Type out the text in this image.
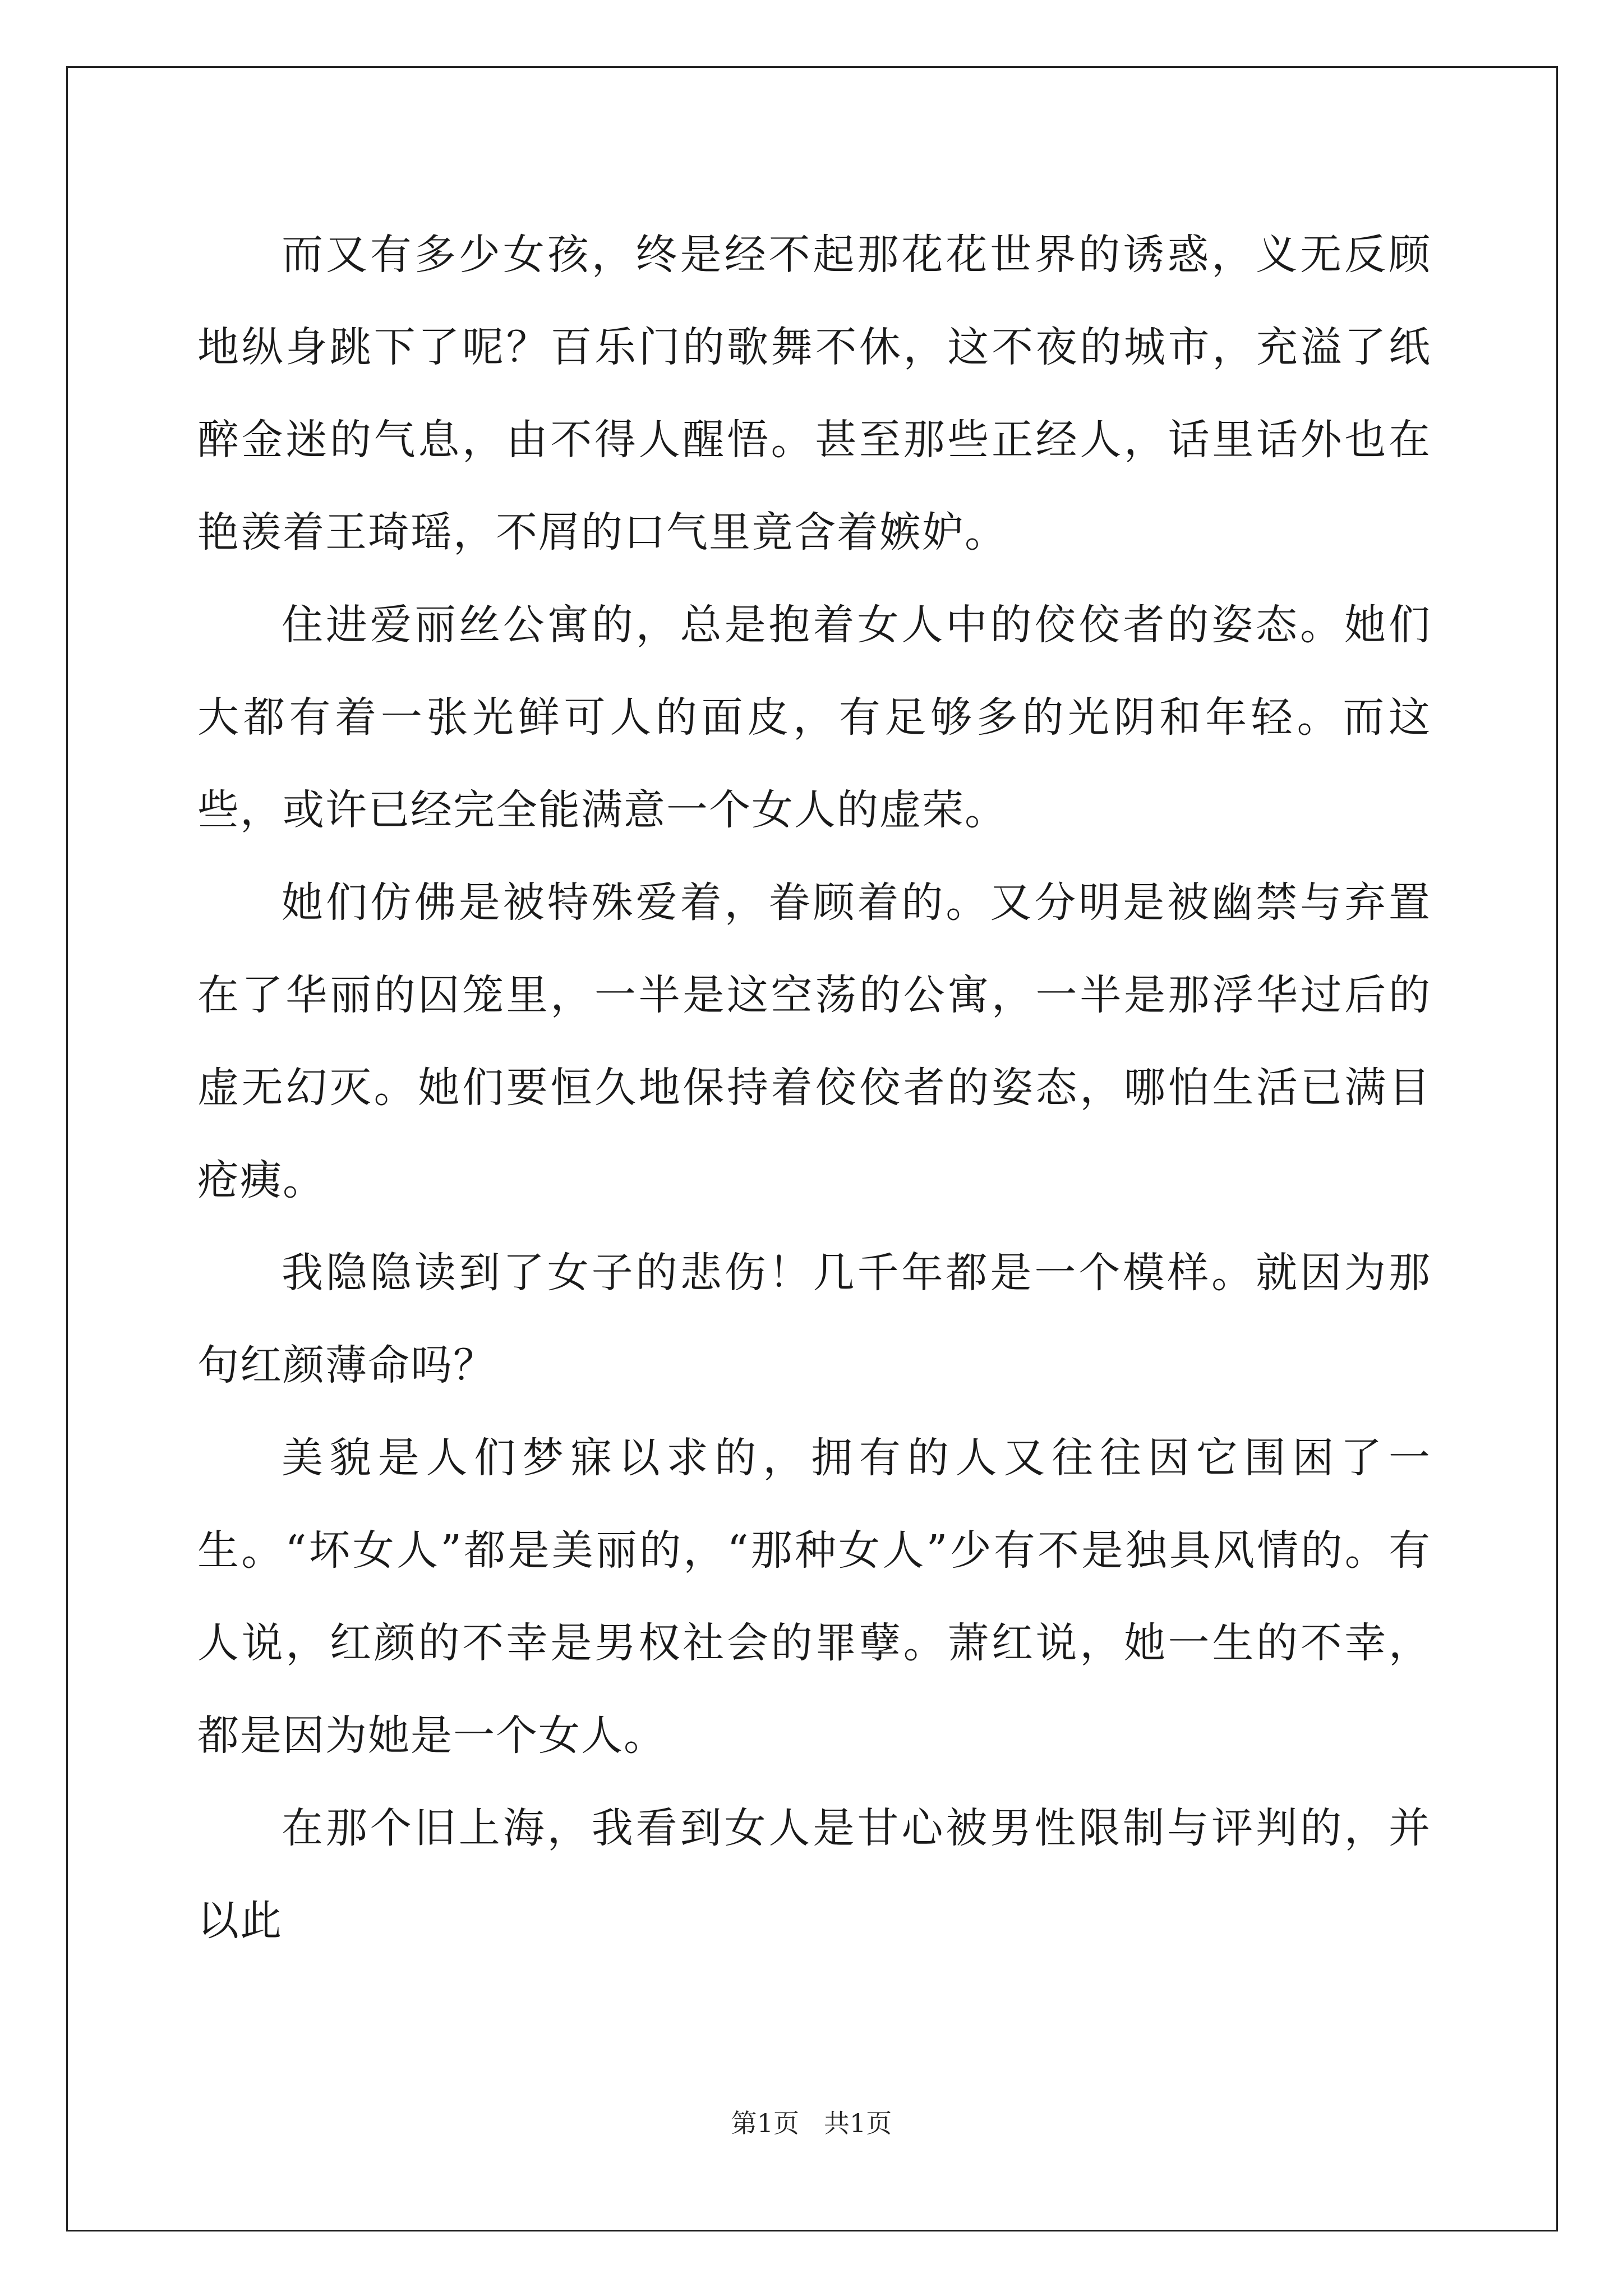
而又有多少女孩，终是经不起那花花世界的诱惑，义无反顾地纵身跳下了呢？百乐门的歌舞不休，这不夜的城市，充溢了纸醉金迷的气息，由不得人醒悟。甚至那些正经人，话里话外也在艳羡着王琦瑶，不屑的口气里竟含着嫉妒。

住进爱丽丝公寓的，总是抱着女人中的佼佼者的姿态。她们大都有着一张光鲜可人的面皮，有足够多的光阴和年轻。而这些，或许已经完全能满意一个女人的虚荣。

她们仿佛是被特殊爱着，眷顾着的。又分明是被幽禁与弃置在了华丽的囚笼里，一半是这空荡的公寓，一半是那浮华过后的虚无幻灭。她们要恒久地保持着佼佼者的姿态，哪怕生活已满目疮痍。

我隐隐读到了女子的悲伤！几千年都是一个模样。就因为那句红颜薄命吗？

美貌是人们梦寐以求的，拥有的人又往往因它围困了一生。“坏女人”都是美丽的，“那种女人”少有不是独具风情的。有人说，红颜的不幸是男权社会的罪孽。萧红说，她一生的不幸，都是因为她是一个女人。

在那个旧上海，我看到女人是甘心被男性限制与评判的，并以此

第1页 共1页
